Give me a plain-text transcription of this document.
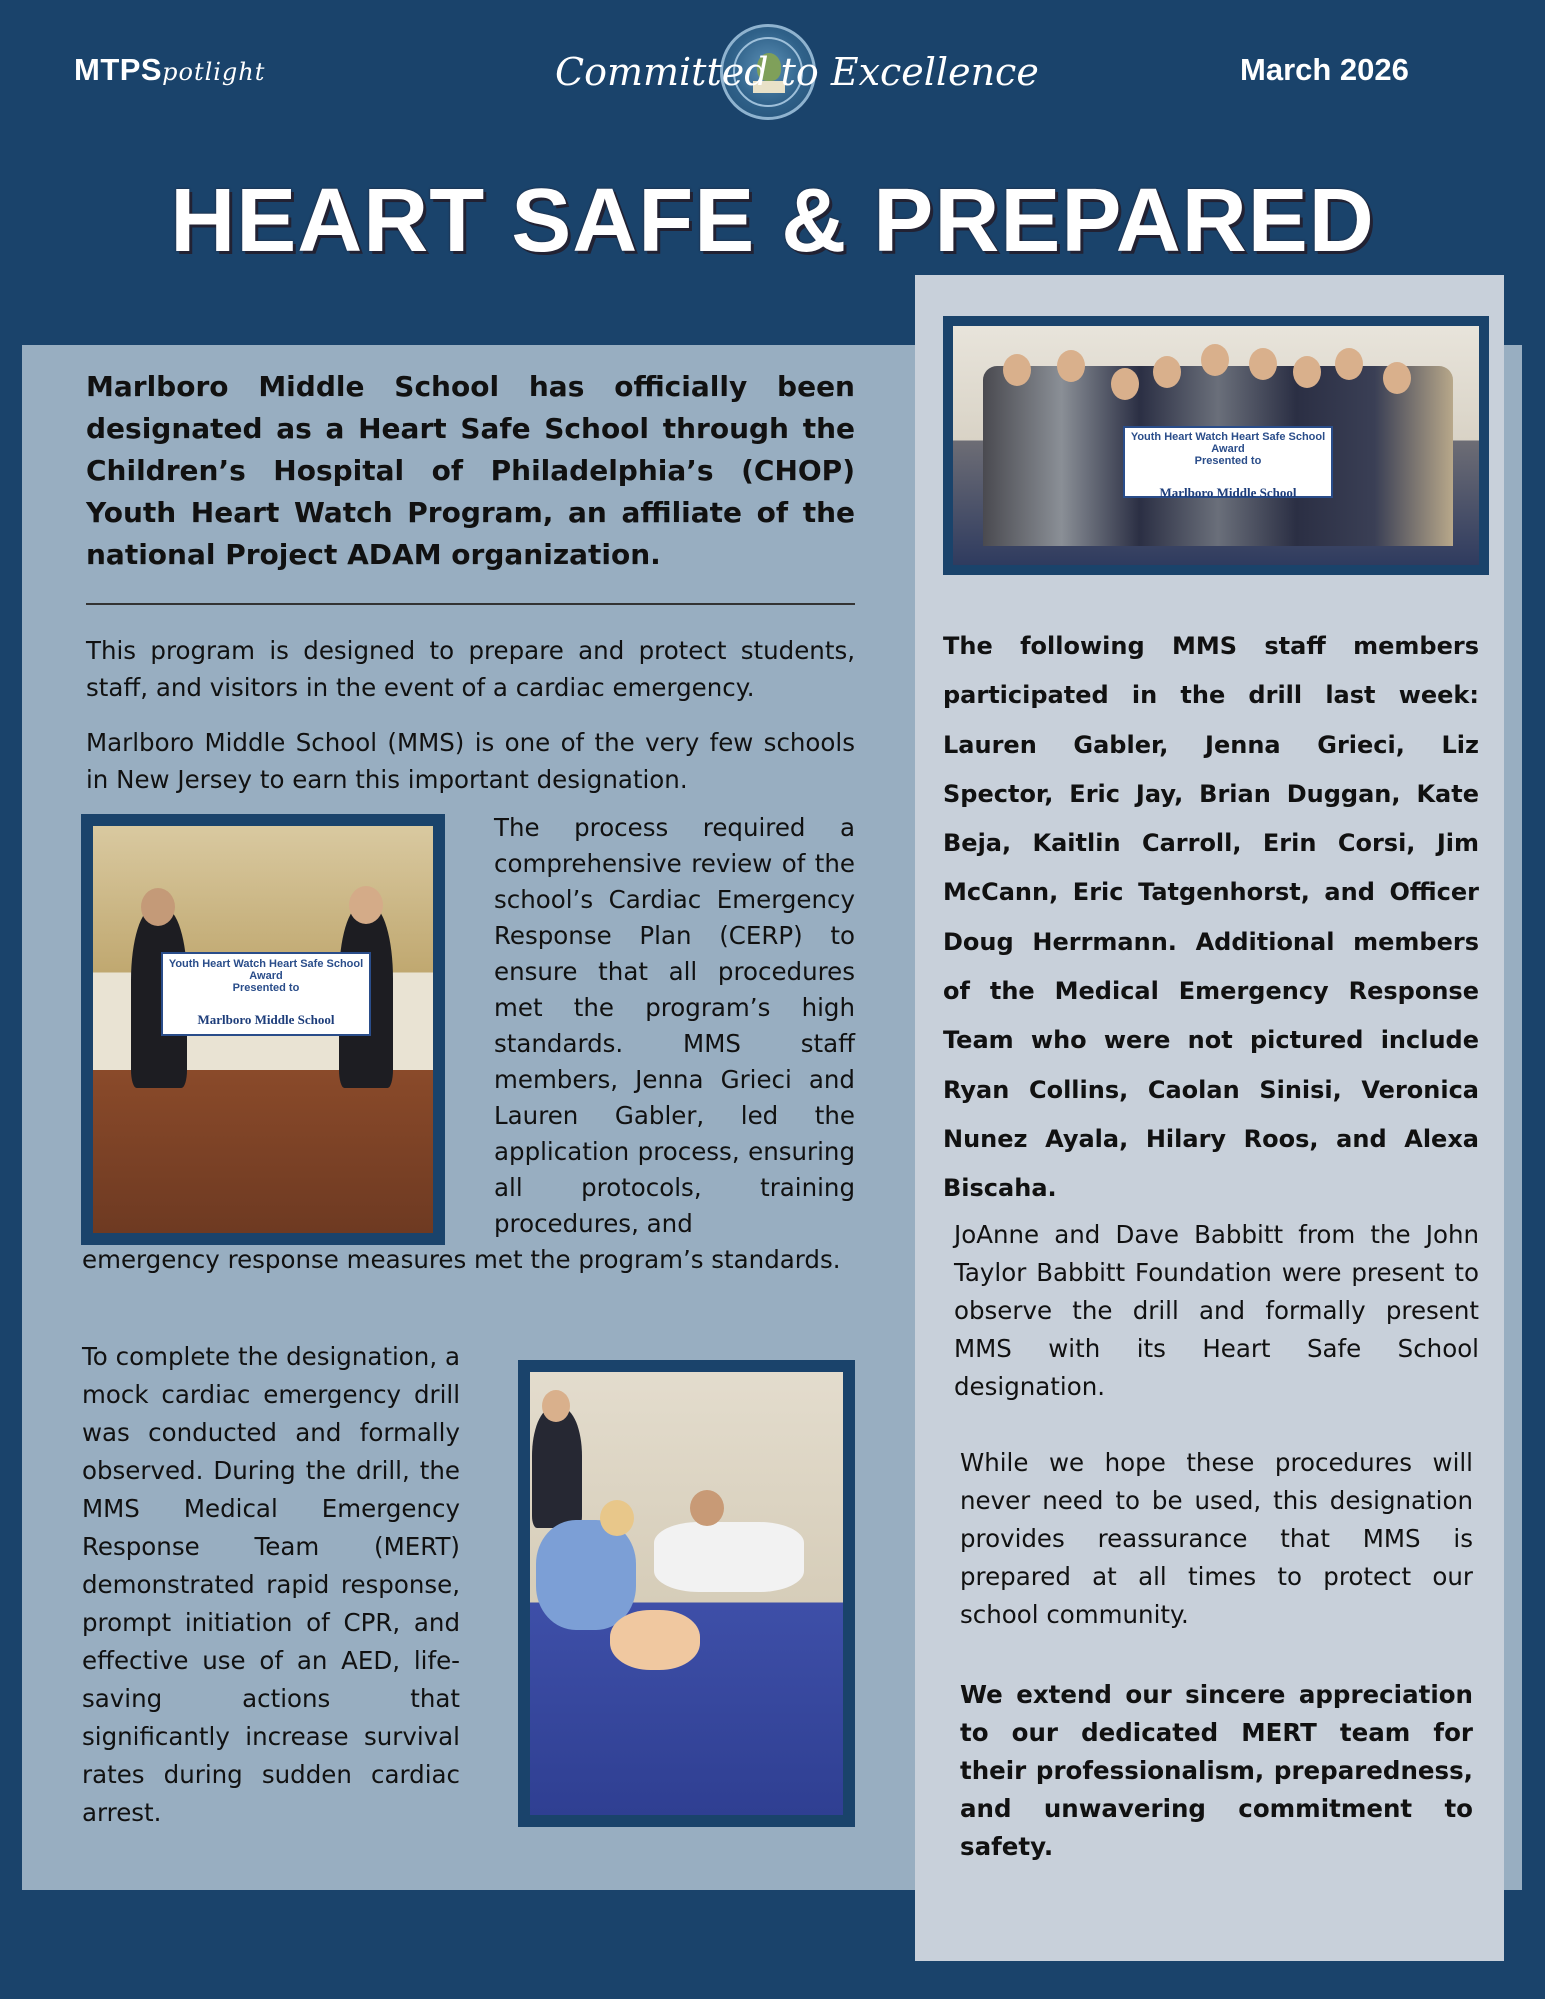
MTPSpotlight	Committed to Excellence	March 2026
HEART SAFE & PREPARED
Marlboro Middle School has officially been designated as a Heart Safe School through the Children’s Hospital of Philadelphia’s (CHOP) Youth Heart Watch Program, an affiliate of the national Project ADAM organization.
This program is designed to prepare and protect students, staff, and visitors in the event of a cardiac emergency.
Marlboro Middle School (MMS) is one of the very few schools in New Jersey to earn this important designation.
Youth Heart Watch Heart Safe School Award
Presented to
Marlboro Middle School
The process required a comprehensive review of the school’s Cardiac Emergency Response Plan (CERP) to ensure that all procedures met the program’s high standards. MMS staff members, Jenna Grieci and Lauren Gabler, led the application process, ensuring all protocols, training procedures, and
emergency response measures met the program’s standards.
To complete the designation, a mock cardiac emergency drill was conducted and formally observed. During the drill, the MMS Medical Emergency Response Team (MERT) demonstrated rapid response, prompt initiation of CPR, and effective use of an AED, life-saving actions that significantly increase survival rates during sudden cardiac arrest.
Youth Heart Watch Heart Safe School Award
Presented to
Marlboro Middle School
The following MMS staff members participated in the drill last week: Lauren Gabler, Jenna Grieci, Liz Spector, Eric Jay, Brian Duggan, Kate Beja, Kaitlin Carroll, Erin Corsi, Jim McCann, Eric Tatgenhorst, and Officer Doug Herrmann. Additional members of the Medical Emergency Response Team who were not pictured include Ryan Collins, Caolan Sinisi, Veronica Nunez Ayala, Hilary Roos, and Alexa Biscaha.
JoAnne and Dave Babbitt from the John Taylor Babbitt Foundation were present to observe the drill and formally present MMS with its Heart Safe School designation.
While we hope these procedures will never need to be used, this designation provides reassurance that MMS is prepared at all times to protect our school community.
We extend our sincere appreciation to our dedicated MERT team for their professionalism, preparedness, and unwavering commitment to safety.
